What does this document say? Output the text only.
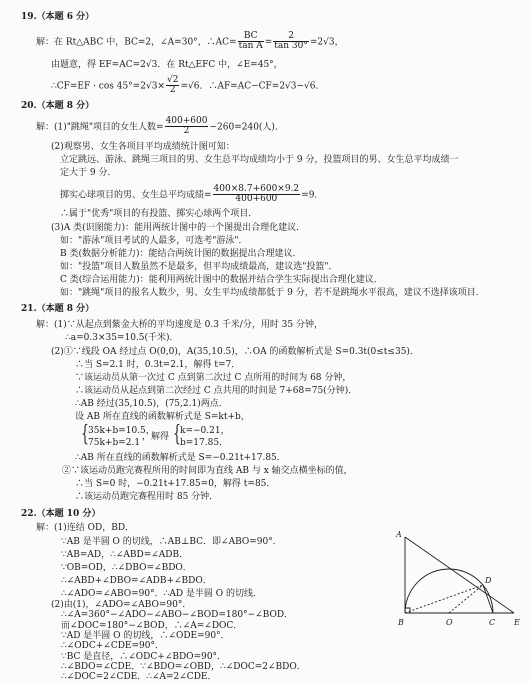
19.（本题 6 分）
解：在 Rt△ABC 中，BC=2，∠A=30°，∴AC= $\frac{BC}{\text{tan A}} = \frac{2}{\tan 30^\circ} =2√3$，
由题意，得 EF=AC=2√3．在 Rt△EFC 中，∠E=45°，
∴CF=EF · $\cos 45^\circ=2√3\times \frac{√2}{2} =√6$．∴AF=AC−CF=2√3−√6．
20.（本题 8 分）
解：(1)"跳绳"项目的女生人数= $\frac{400+600}{2} -260=240$(人)．
(2)观察男、女生各项目平均成绩统计图可知：
立定跳远、游泳、跳绳三项目的男、女生总平均成绩均小于 9 分，投篮项目的男、女生总平均成绩一
定大于 9 分．
掷实心球项目的男、女生总平均成绩= $\frac{400\times 8.7+600\times 9.2}{400+600} =9$．
∴属于"优秀"项目的有投篮、掷实心球两个项目．
(3)A 类(识图能力)：能用两统计图中的一个图提出合理化建议．
如："游泳"项目考试的人最多，可选考"游泳"．
B 类(数据分析能力)：能结合两统计图的数据提出合理建议．
如："投篮"项目人数虽然不是最多，但平均成绩最高，建议选"投篮"．
C 类(综合运用能力)：能利用两统计图中的数据并结合学生实际提出合理化建议．
如："跳绳"项目的报名人数少，男、女生平均成绩都低于 9 分，若不是跳绳水平很高，建议不选择该项目．
21.（本题 8 分）
解：(1)∵从起点到紫金大桥的平均速度是 0.3 千米/分，用时 35 分钟，
∴a=0.3×35=10.5(千米)．
(2)①∵线段 OA 经过点 O(0,0)，A(35,10.5)，∴OA 的函数解析式是 S=0.3t(0≤t≤35)．
∴当 S=2.1 时，0.3t=2.1，解得 t=7．
∵该运动员从第一次过 C 点到第二次过 C 点所用的时间为 68 分钟，
∴该运动员从起点到第二次经过 C 点共用的时间是 7+68=75(分钟)．
∴AB 经过(35,10.5)，(75,2.1)两点．
设 AB 所在直线的函数解析式是 S=kt+b，
{ 35k+b=10.5，
75k+b=2.1
，解得 { k=−0.21，
b=17.85．
∴AB 所在直线的函数解析式是 S=−0.21t+17.85．
②∵该运动员跑完赛程所用的时间即为直线 AB 与 x 轴交点横坐标的值，
∴当 S=0 时，−0.21t+17.85=0，解得 t=85．
∴该运动员跑完赛程用时 85 分钟．
22.（本题 10 分）
解：(1)连结 OD，BD．
∵AB 是半圆 O 的切线，∴AB⊥BC．即∠ABO=90°．
∵AB=AD，∴∠ABD=∠ADB．
∵OB=OD，∴∠DBO=∠BDO．
∴∠ABD+∠DBO=∠ADB+∠BDO．
∴∠ADO=∠ABO=90°．∴AD 是半圆 O 的切线．
(2)由(1)，∠ADO=∠ABO=90°．
∴∠A=360°−∠ADO−∠ABO−∠BOD=180°−∠BOD．
而∠DOC=180°−∠BOD，∴∠A=∠DOC．
∵AD 是半圆 O 的切线，∴∠ODE=90°．
∴∠ODC+∠CDE=90°．
∵BC 是直径，∴∠ODC+∠BDO=90°．
A
B	O	C
D
E
∴∠DOC=2∠CDE．∴∠A=2∠CDE．
∴∠BDO=∠CDE．∵∠BDO=∠OBD，∴∠DOC=2∠BDO．
